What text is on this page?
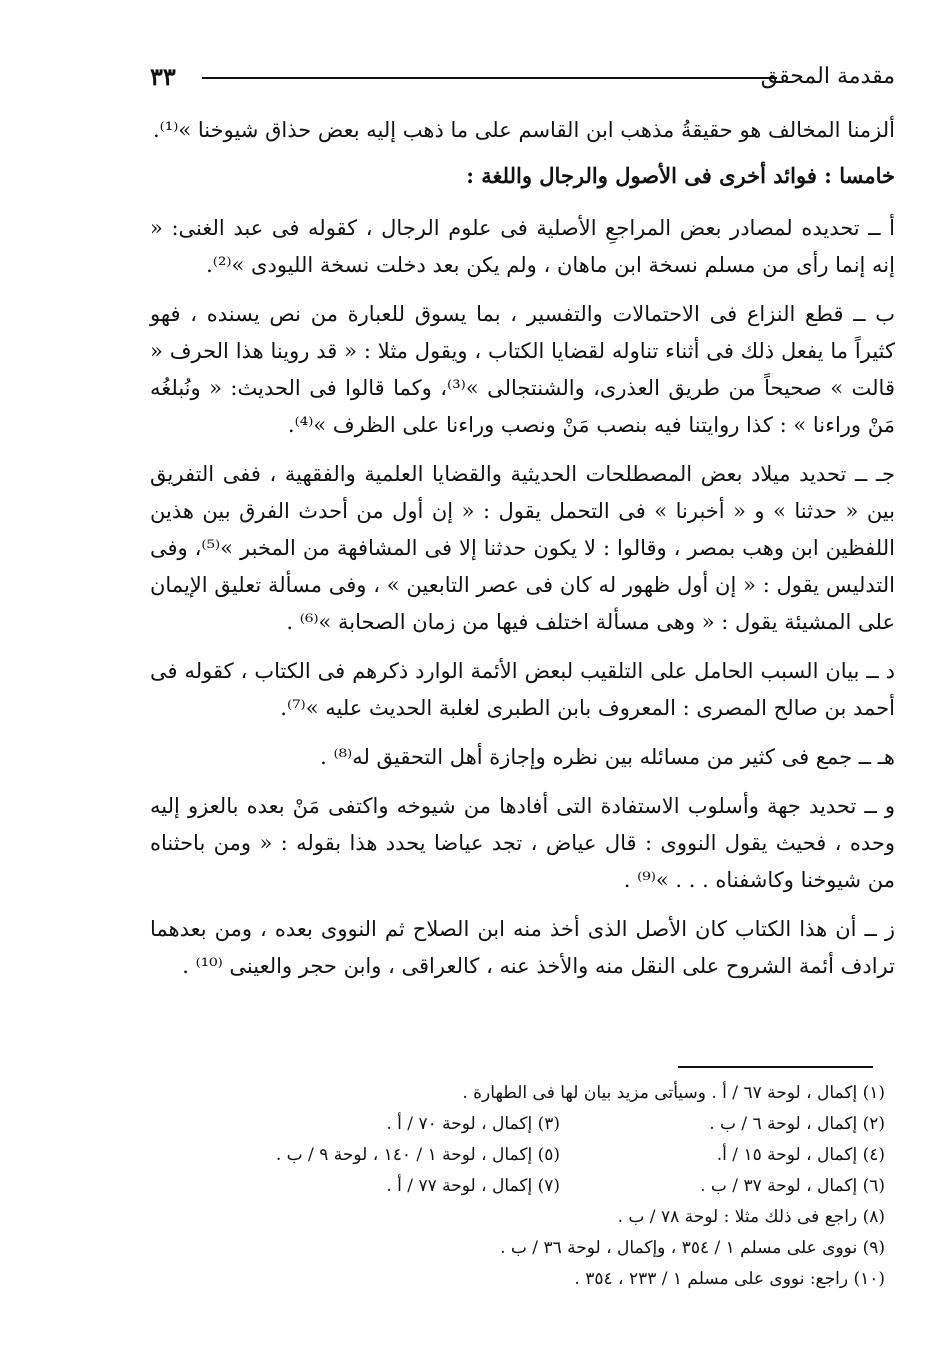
مقدمة المحقق
٣٣

ألزمنا المخالف هو حقيقةُ مذهب ابن القاسم على ما ذهب إليه بعض حذاق شيوخنا »⁽¹⁾.

خامسا : فوائد أخرى فى الأصول والرجال واللغة :

أ ــ تحديده لمصادر بعض المراجعِ الأصلية فى علوم الرجال ، كقوله فى عبد الغنى: « إنه إنما رأى من مسلم نسخة ابن ماهان ، ولم يكن بعد دخلت نسخة الليودى »⁽²⁾.

ب ــ قطع النزاع فى الاحتمالات والتفسير ، بما يسوق للعبارة من نص يسنده ، فهو كثيراً ما يفعل ذلك فى أثناء تناوله لقضايا الكتاب ، ويقول مثلا : « قد روينا هذا الحرف « قالت » صحيحاً من طريق العذرى، والشنتجالى »⁽³⁾، وكما قالوا فى الحديث: « ونُبلغُه مَنْ وراءنا » : كذا روايتنا فيه بنصب مَنْ ونصب وراءنا على الظرف »⁽⁴⁾.

جـ ــ تحديد ميلاد بعض المصطلحات الحديثية والقضايا العلمية والفقهية ، ففى التفريق بين « حدثنا » و « أخبرنا » فى التحمل يقول : « إن أول من أحدث الفرق بين هذين اللفظين ابن وهب بمصر ، وقالوا : لا يكون حدثنا إلا فى المشافهة من المخبر »⁽⁵⁾، وفى التدليس يقول : « إن أول ظهور له كان فى عصر التابعين » ، وفى مسألة تعليق الإيمان على المشيئة يقول : « وهى مسألة اختلف فيها من زمان الصحابة »⁽⁶⁾ .

د ــ بيان السبب الحامل على التلقيب لبعض الأئمة الوارد ذكرهم فى الكتاب ، كقوله فى أحمد بن صالح المصرى : المعروف بابن الطبرى لغلبة الحديث عليه »⁽⁷⁾.

هـ ــ جمع فى كثير من مسائله بين نظره وإجازة أهل التحقيق له⁽⁸⁾ .

و ــ تحديد جهة وأسلوب الاستفادة التى أفادها من شيوخه واكتفى مَنْ بعده بالعزو إليه وحده ، فحيث يقول النووى : قال عياض ، تجد عياضا يحدد هذا بقوله : « ومن باحثناه من شيوخنا وكاشفناه . . . »⁽⁹⁾ .

ز ــ أن هذا الكتاب كان الأصل الذى أخذ منه ابن الصلاح ثم النووى بعده ، ومن بعدهما ترادف أئمة الشروح على النقل منه والأخذ عنه ، كالعراقى ، وابن حجر والعينى ⁽¹⁰⁾ .

(١) إكمال ، لوحة ٦٧ / أ . وسيأتى مزيد بيان لها فى الطهارة .
(٢) إكمال ، لوحة ٦ / ب .
(٣) إكمال ، لوحة ٧٠ / أ .
(٤) إكمال ، لوحة ١٥ / أ.
(٥) إكمال ، لوحة ١ / ١٤٠ ، لوحة ٩ / ب .
(٦) إكمال ، لوحة ٣٧ / ب .
(٧) إكمال ، لوحة ٧٧ / أ .
(٨) راجع فى ذلك مثلا : لوحة ٧٨ / ب .
(٩) نووى على مسلم ١ / ٣٥٤ ، وإكمال ، لوحة ٣٦ / ب .
(١٠) راجع: نووى على مسلم ١ / ٢٣٣ ، ٣٥٤ .
